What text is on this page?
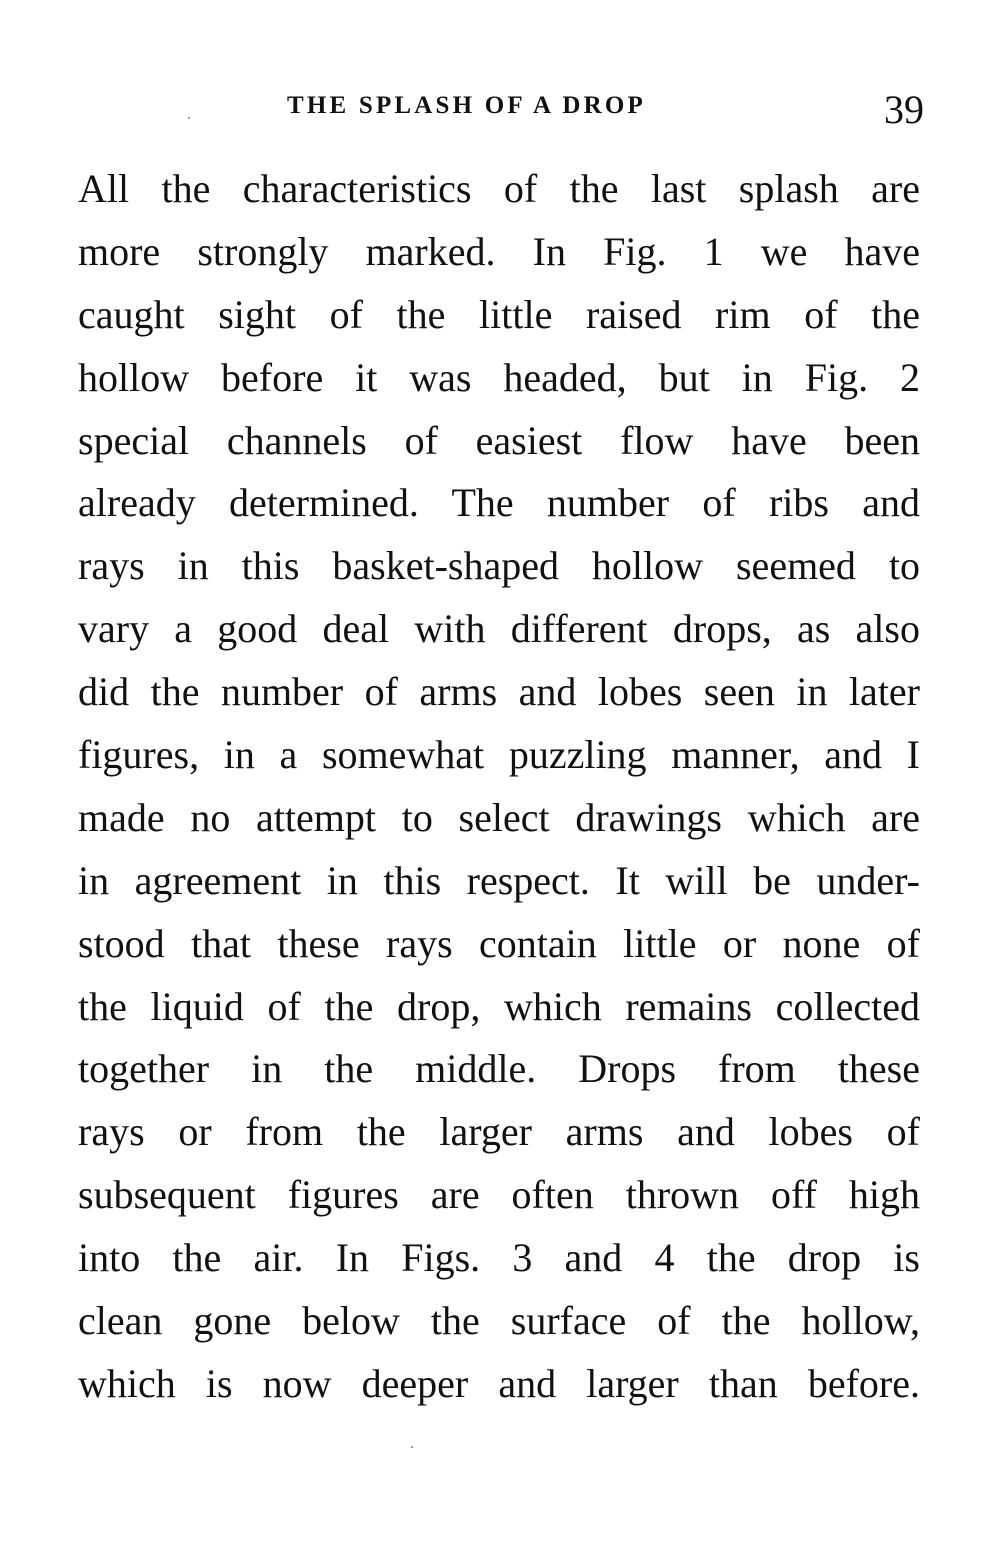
THE SPLASH OF A DROP	39
All the characteristics of the last splash are
more strongly marked. In Fig. 1 we have
caught sight of the little raised rim of the
hollow before it was headed, but in Fig. 2
special channels of easiest flow have been
already determined. The number of ribs and
rays in this basket-shaped hollow seemed to
vary a good deal with different drops, as also
did the number of arms and lobes seen in later
figures, in a somewhat puzzling manner, and I
made no attempt to select drawings which are
in agreement in this respect. It will be under-
stood that these rays contain little or none of
the liquid of the drop, which remains collected
together in the middle. Drops from these
rays or from the larger arms and lobes of
subsequent figures are often thrown off high
into the air. In Figs. 3 and 4 the drop is
clean gone below the surface of the hollow,
which is now deeper and larger than before.
